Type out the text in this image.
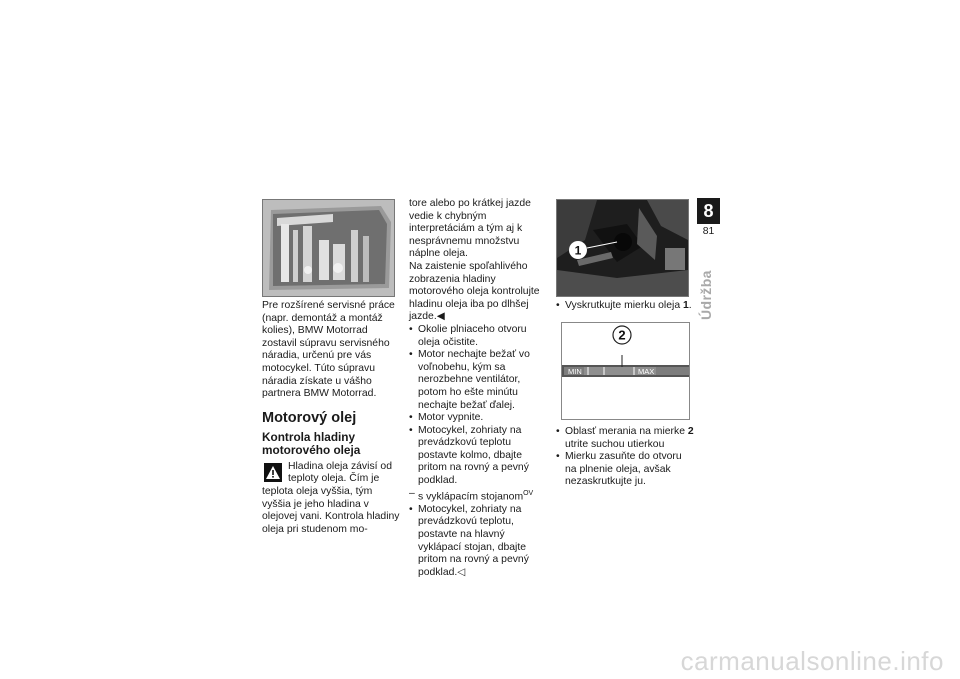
Pre rozšírené servisné práce (napr. demontáž a montáž kolies), BMW Motorrad zostavil súpravu servisného náradia, určenú pre vás motocykel. Túto súpravu náradia získate u vášho partnera BMW Motorrad.

Motorový olej
Kontrola hladiny motorového oleja

Hladina oleja závisí od teploty oleja. Čím je teplota oleja vyššia, tým vyššia je jeho hladina v olejovej vani. Kontrola hladiny oleja pri studenom mo-

tore alebo po krátkej jazde vedie k chybným interpretáciám a tým aj k nesprávnemu množstvu náplne oleja.

Na zaistenie spoľahlivého zobrazenia hladiny motorového oleja kontrolujte hladinu oleja iba po dlhšej jazde.◀

• Okolie plniaceho otvoru oleja očistite.
• Motor nechajte bežať vo voľnobehu, kým sa nerozbehne ventilátor, potom ho ešte minútu nechajte bežať ďalej.
• Motor vypnite.
• Motocykel, zohriaty na prevádzkovú teplotu postavte kolmo, dbajte pritom na rovný a pevný podklad.
– s vyklápacím stojanom$^{OV}$
• Motocykel, zohriaty na prevádzkovú teplotu, postavte na hlavný vyklápací stojan, dbajte pritom na rovný a pevný podklad.◁
1
• Vyskrutkujte mierku oleja 1.
2
MIN	MAX
• Oblasť merania na mierke 2 utrite suchou utierkou
• Mierku zasuňte do otvoru na plnenie oleja, avšak nezaskrutkujte ju.
8
81
Údržba
carmanualsonline.info
